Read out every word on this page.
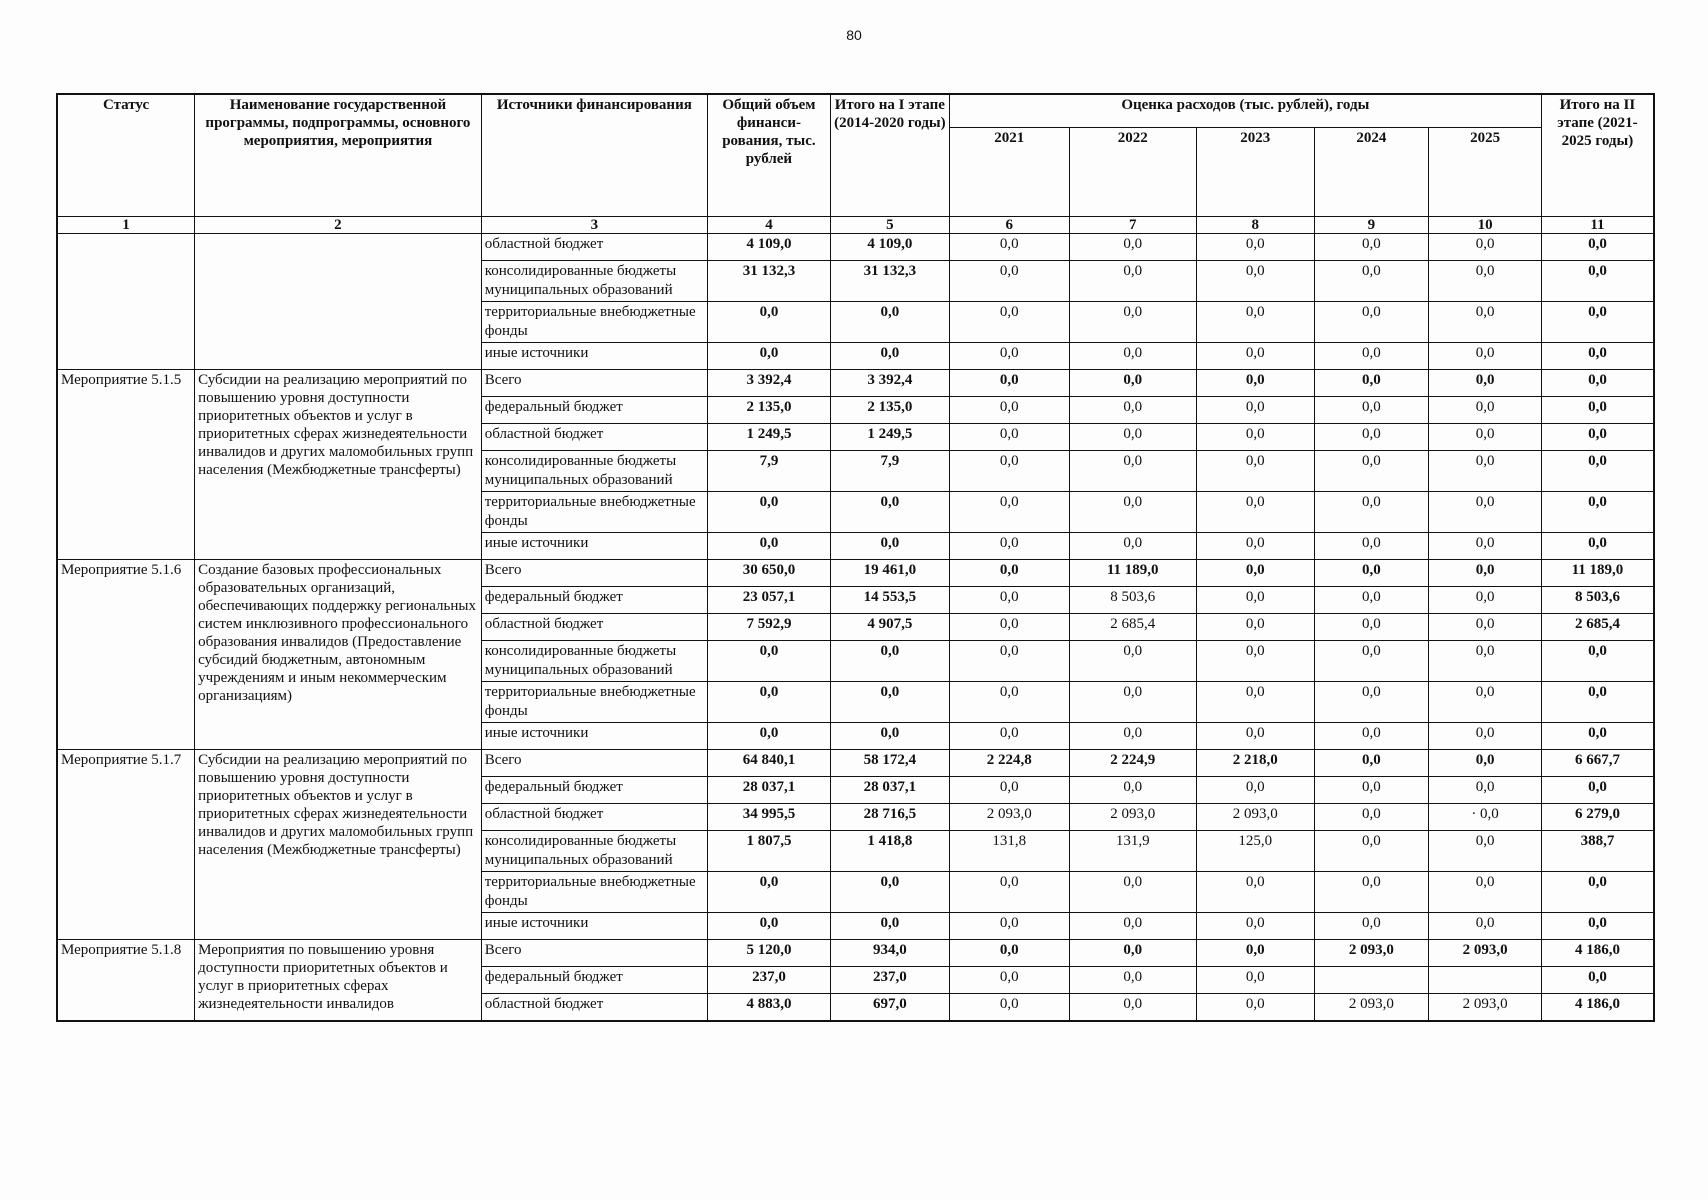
80
Статус	Наименование государственной программы, подпрограммы, основного мероприятия, мероприятия	Источники финансирования	Общий объем финанси-рования, тыс. рублей	Итого на I этапе (2014-2020 годы)	Оценка расходов (тыс. рублей), годы					Итого на II этапе (2021-2025 годы)
					2021	2022	2023	2024	2025	
1	2	3	4	5	6	7	8	9	10	11
		областной бюджет	4 109,0	4 109,0	0,0	0,0	0,0	0,0	0,0	0,0
		консолидированные бюджеты муниципальных образований	31 132,3	31 132,3	0,0	0,0	0,0	0,0	0,0	0,0
		территориальные внебюджетные фонды	0,0	0,0	0,0	0,0	0,0	0,0	0,0	0,0
		иные источники	0,0	0,0	0,0	0,0	0,0	0,0	0,0	0,0
Мероприятие 5.1.5	Субсидии на реализацию мероприятий по повышению уровня доступности приоритетных объектов и услуг в приоритетных сферах жизнедеятельности инвалидов и других маломобильных групп населения (Межбюджетные трансферты)	Всего	3 392,4	3 392,4	0,0	0,0	0,0	0,0	0,0	0,0
		федеральный бюджет	2 135,0	2 135,0	0,0	0,0	0,0	0,0	0,0	0,0
		областной бюджет	1 249,5	1 249,5	0,0	0,0	0,0	0,0	0,0	0,0
		консолидированные бюджеты муниципальных образований	7,9	7,9	0,0	0,0	0,0	0,0	0,0	0,0
		территориальные внебюджетные фонды	0,0	0,0	0,0	0,0	0,0	0,0	0,0	0,0
		иные источники	0,0	0,0	0,0	0,0	0,0	0,0	0,0	0,0
Мероприятие 5.1.6	Создание базовых профессиональных образовательных организаций, обеспечивающих поддержку региональных систем инклюзивного профессионального образования инвалидов (Предоставление субсидий бюджетным, автономным учреждениям и иным некоммерческим организациям)	Всего	30 650,0	19 461,0	0,0	11 189,0	0,0	0,0	0,0	11 189,0
		федеральный бюджет	23 057,1	14 553,5	0,0	8 503,6	0,0	0,0	0,0	8 503,6
		областной бюджет	7 592,9	4 907,5	0,0	2 685,4	0,0	0,0	0,0	2 685,4
		консолидированные бюджеты муниципальных образований	0,0	0,0	0,0	0,0	0,0	0,0	0,0	0,0
		территориальные внебюджетные фонды	0,0	0,0	0,0	0,0	0,0	0,0	0,0	0,0
		иные источники	0,0	0,0	0,0	0,0	0,0	0,0	0,0	0,0
Мероприятие 5.1.7	Субсидии на реализацию мероприятий по повышению уровня доступности приоритетных объектов и услуг в приоритетных сферах жизнедеятельности инвалидов и других маломобильных групп населения (Межбюджетные трансферты)	Всего	64 840,1	58 172,4	2 224,8	2 224,9	2 218,0	0,0	0,0	6 667,7
		федеральный бюджет	28 037,1	28 037,1	0,0	0,0	0,0	0,0	0,0	0,0
		областной бюджет	34 995,5	28 716,5	2 093,0	2 093,0	2 093,0	0,0	· 0,0	6 279,0
		консолидированные бюджеты муниципальных образований	1 807,5	1 418,8	131,8	131,9	125,0	0,0	0,0	388,7
		территориальные внебюджетные фонды	0,0	0,0	0,0	0,0	0,0	0,0	0,0	0,0
		иные источники	0,0	0,0	0,0	0,0	0,0	0,0	0,0	0,0
Мероприятие 5.1.8	Мероприятия по повышению уровня доступности приоритетных объектов и услуг в приоритетных сферах жизнедеятельности инвалидов	Всего	5 120,0	934,0	0,0	0,0	0,0	2 093,0	2 093,0	4 186,0
		федеральный бюджет	237,0	237,0	0,0	0,0	0,0			0,0
		областной бюджет	4 883,0	697,0	0,0	0,0	0,0	2 093,0	2 093,0	4 186,0
